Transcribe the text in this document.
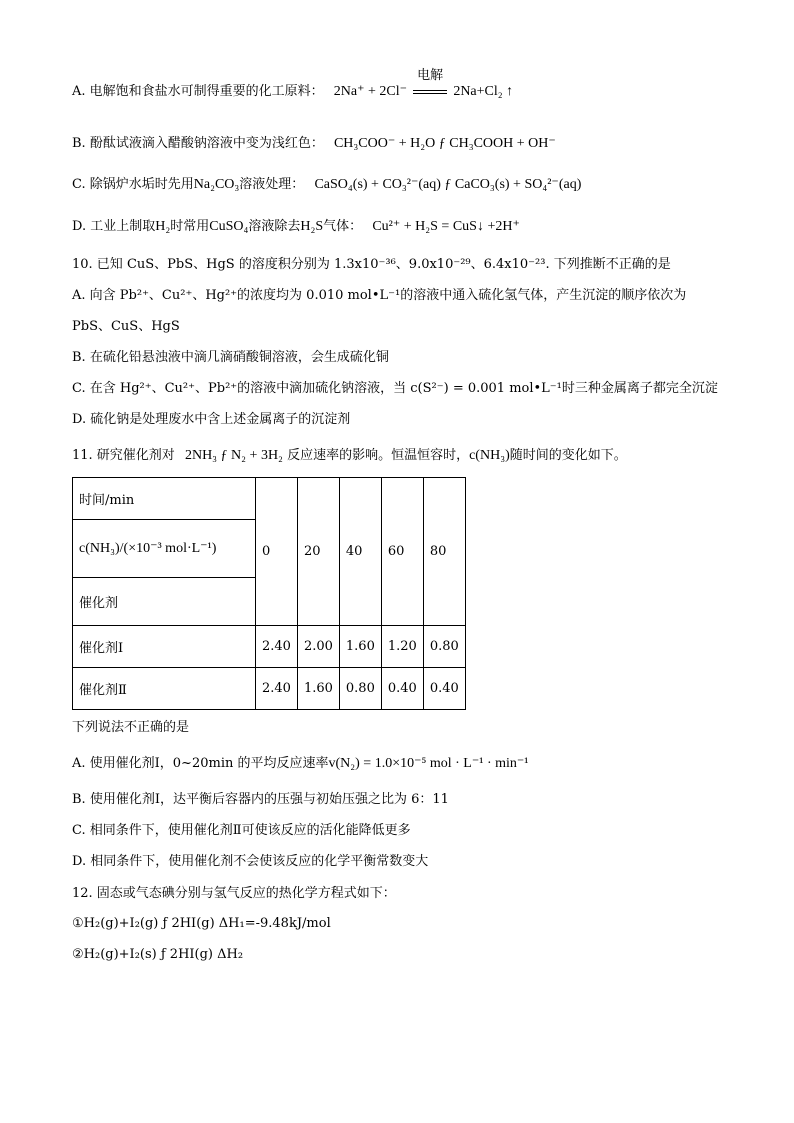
A. 电解饱和食盐水可制得重要的化工原料： 2Na⁺ + 2Cl⁻
电解
2Na+Cl₂ ↑
B. 酚酞试液滴入醋酸钠溶液中变为浅红色： CH₃COO⁻ + H₂O ƒ CH₃COOH + OH⁻
C. 除锅炉水垢时先用Na₂CO₃溶液处理： CaSO₄(s) + CO₃²⁻(aq) ƒ CaCO₃(s) + SO₄²⁻(aq)
D. 工业上制取H₂时常用CuSO₄溶液除去H₂S气体： Cu²⁺ + H₂S = CuS↓ +2H⁺
10. 已知 CuS、PbS、HgS 的溶度积分别为 1.3x10⁻³⁶、9.0x10⁻²⁹、6.4x10⁻²³. 下列推断不正确的是
A. 向含 Pb²⁺、Cu²⁺、Hg²⁺的浓度均为 0.010 mol•L⁻¹的溶液中通入硫化氢气体，产生沉淀的顺序依次为
PbS、CuS、HgS
B. 在硫化铅悬浊液中滴几滴硝酸铜溶液，会生成硫化铜
C. 在含 Hg²⁺、Cu²⁺、Pb²⁺的溶液中滴加硫化钠溶液，当 c(S²⁻) = 0.001 mol•L⁻¹时三种金属离子都完全沉淀
D. 硫化钠是处理废水中含上述金属离子的沉淀剂
11. 研究催化剂对 2NH₃ ƒ N₂ + 3H₂ 反应速率的影响。恒温恒容时，c(NH₃)随时间的变化如下。
时间/min	0	20	40	60	80
c(NH₃)/(×10⁻³ mol·L⁻¹)					
催化剂					
催化剂Ⅰ	2.40	2.00	1.60	1.20	0.80
催化剂Ⅱ	2.40	1.60	0.80	0.40	0.40
下列说法不正确的是
A. 使用催化剂Ⅰ，0~20min 的平均反应速率v(N₂) = 1.0×10⁻⁵ mol · L⁻¹ · min⁻¹
B. 使用催化剂Ⅰ，达平衡后容器内的压强与初始压强之比为 6：11
C. 相同条件下，使用催化剂Ⅱ可使该反应的活化能降低更多
D. 相同条件下，使用催化剂不会使该反应的化学平衡常数变大
12. 固态或气态碘分别与氢气反应的热化学方程式如下：
①H₂(g)+I₂(g) ƒ 2HI(g) ΔH₁=-9.48kJ/mol
②H₂(g)+I₂(s) ƒ 2HI(g) ΔH₂
